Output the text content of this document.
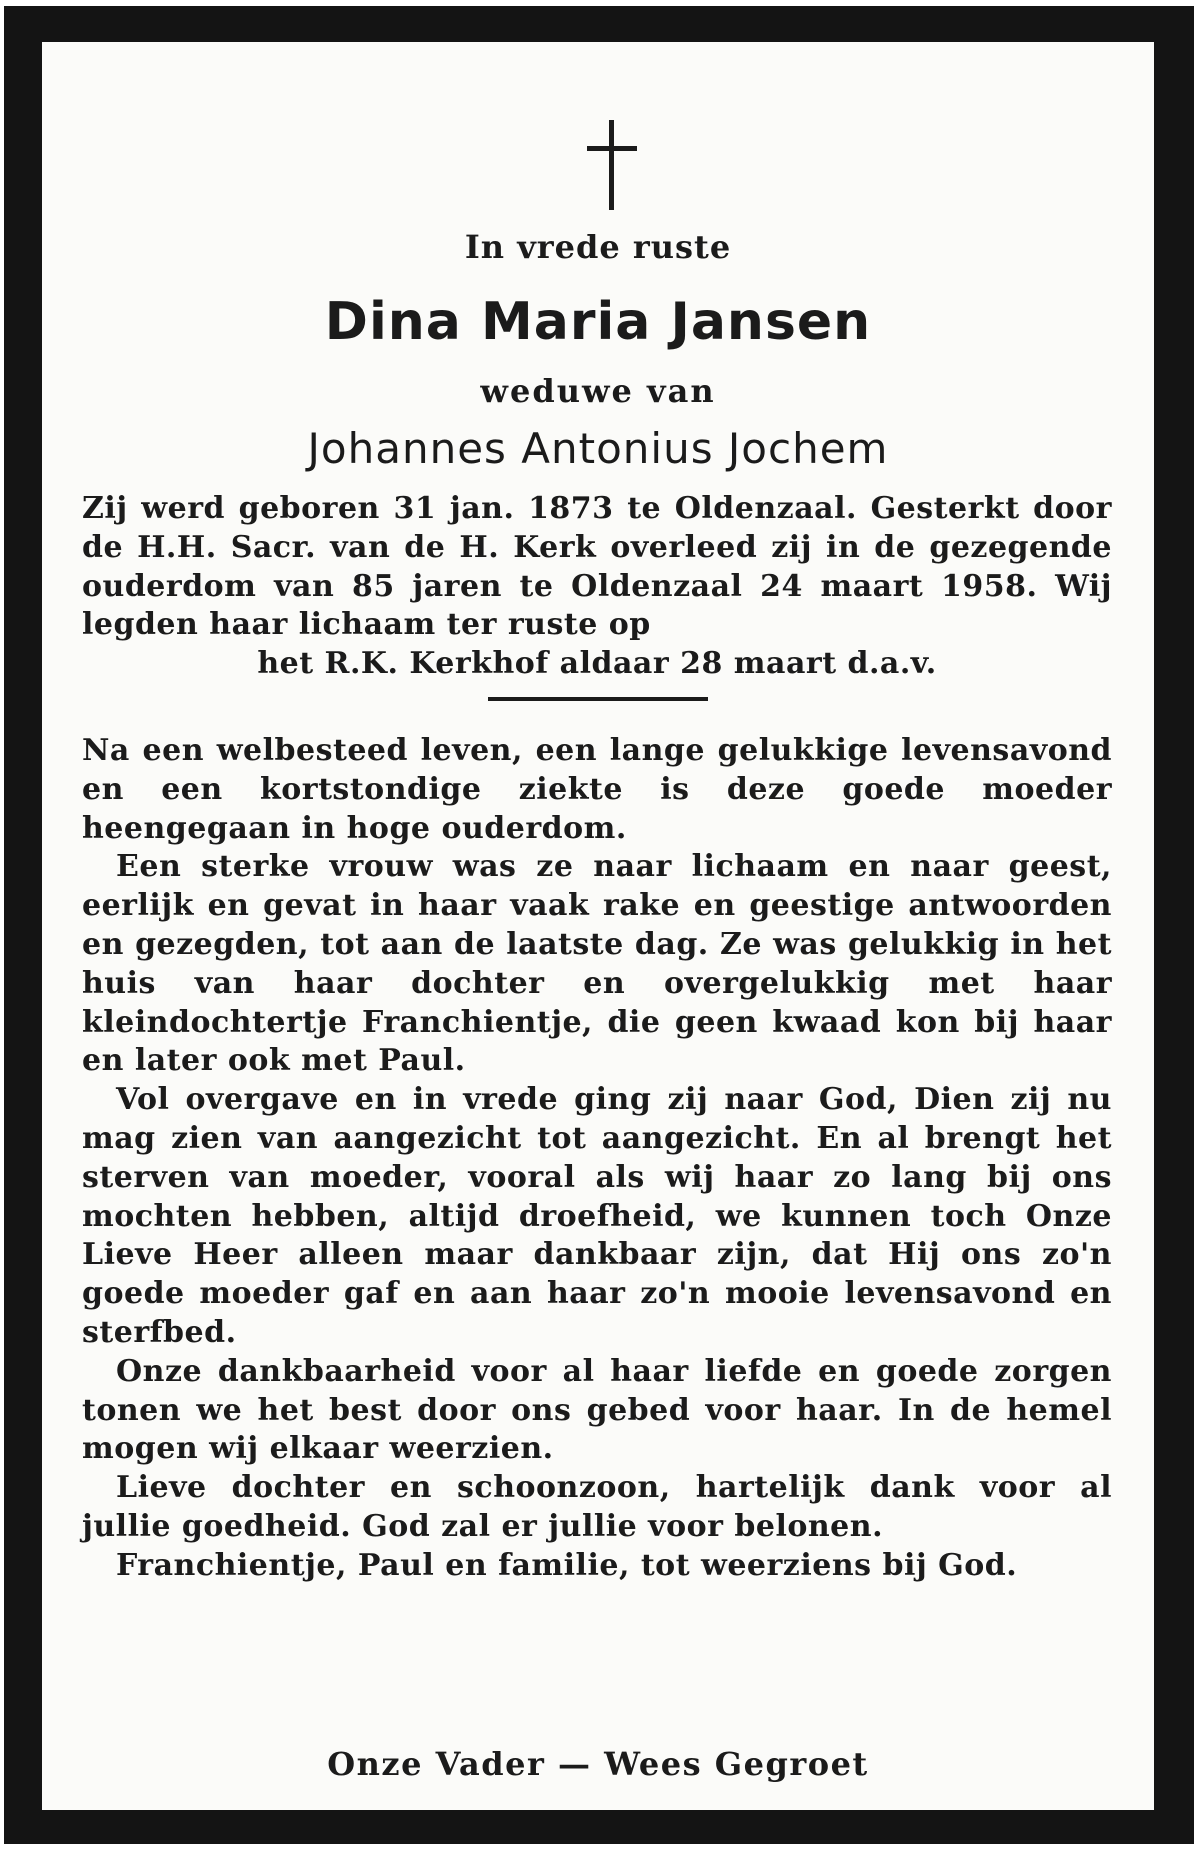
In vrede ruste
Dina Maria Jansen
weduwe van
Johannes Antonius Jochem
Zij werd geboren 31 jan. 1873 te Oldenzaal. Gesterkt door de H.H. Sacr. van de H. Kerk overleed zij in de gezegende ouderdom van 85 jaren te Oldenzaal 24 maart 1958. Wij legden haar lichaam ter ruste op
het R.K. Kerkhof aldaar 28 maart d.a.v.
Na een welbesteed leven, een lange gelukkige levensavond en een kortstondige ziekte is deze goede moeder heengegaan in hoge ouderdom.
Een sterke vrouw was ze naar lichaam en naar geest, eerlijk en gevat in haar vaak rake en geestige antwoorden en gezegden, tot aan de laatste dag. Ze was gelukkig in het huis van haar dochter en overgelukkig met haar kleindochtertje Franchientje, die geen kwaad kon bij haar en later ook met Paul.
Vol overgave en in vrede ging zij naar God, Dien zij nu mag zien van aangezicht tot aangezicht. En al brengt het sterven van moeder, vooral als wij haar zo lang bij ons mochten hebben, altijd droefheid, we kunnen toch Onze Lieve Heer alleen maar dankbaar zijn, dat Hij ons zo'n goede moeder gaf en aan haar zo'n mooie levensavond en sterfbed.
Onze dankbaarheid voor al haar liefde en goede zorgen tonen we het best door ons gebed voor haar. In de hemel mogen wij elkaar weerzien.
Lieve dochter en schoonzoon, hartelijk dank voor al jullie goedheid. God zal er jullie voor belonen.
Franchientje, Paul en familie, tot weerziens bij God.
Onze Vader — Wees Gegroet
